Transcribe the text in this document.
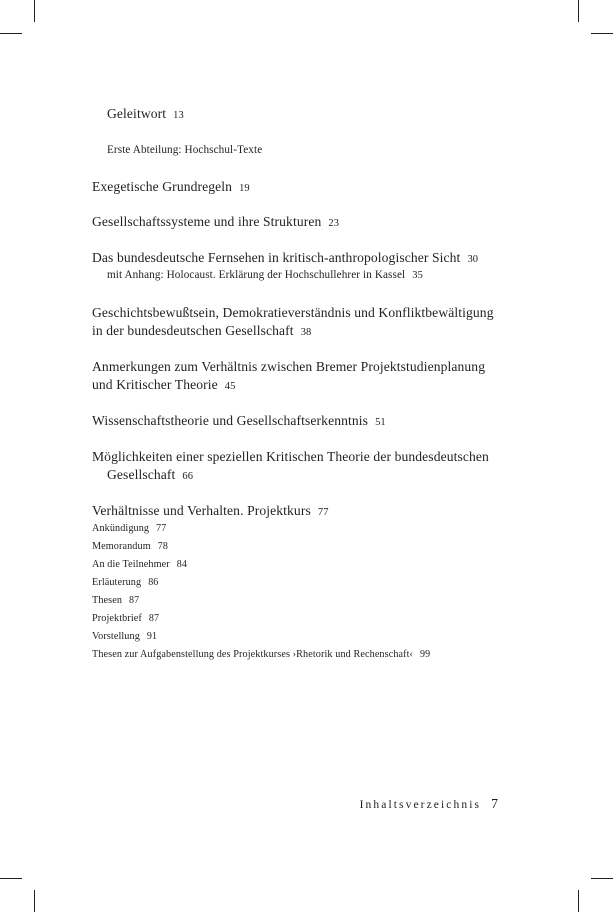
Geleitwort 13
Erste Abteilung: Hochschul-Texte
Exegetische Grundregeln 19
Gesellschaftssysteme und ihre Strukturen 23
Das bundesdeutsche Fernsehen in kritisch-anthropologischer Sicht 30
mit Anhang: Holocaust. Erklärung der Hochschullehrer in Kassel 35
Geschichtsbewußtsein, Demokratieverständnis und Konfliktbewältigung
in der bundesdeutschen Gesellschaft 38
Anmerkungen zum Verhältnis zwischen Bremer Projektstudienplanung
und Kritischer Theorie 45
Wissenschaftstheorie und Gesellschaftserkenntnis 51
Möglichkeiten einer speziellen Kritischen Theorie der bundesdeutschen
Gesellschaft 66
Verhältnisse und Verhalten. Projektkurs 77
Ankündigung 77
Memorandum 78
An die Teilnehmer 84
Erläuterung 86
Thesen 87
Projektbrief 87
Vorstellung 91
Thesen zur Aufgabenstellung des Projektkurses ›Rhetorik und Rechenschaft‹ 99
Inhaltsverzeichnis 7
